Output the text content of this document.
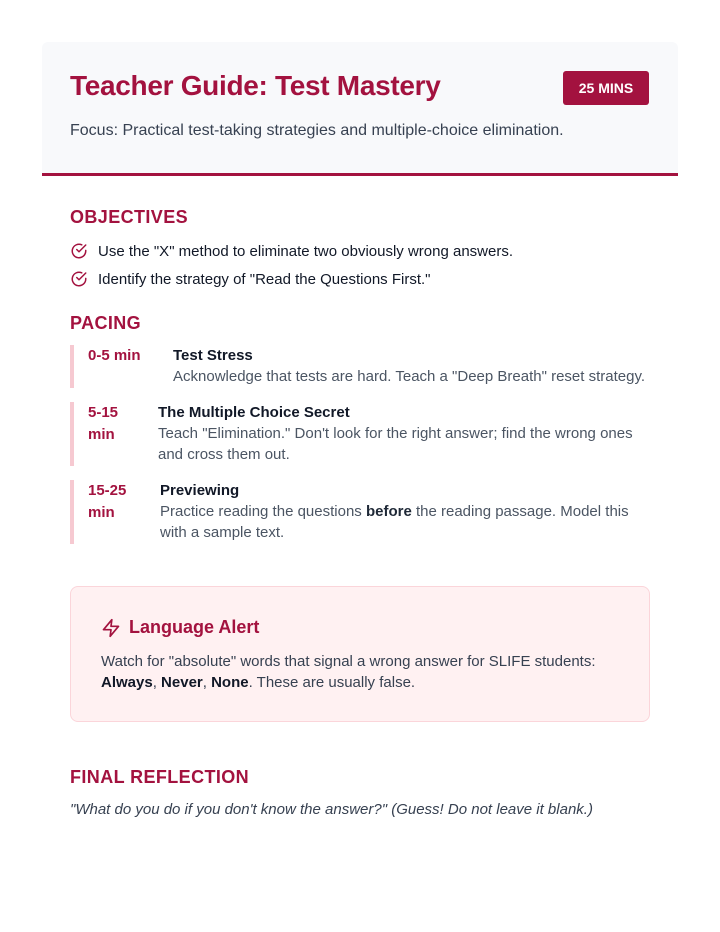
Teacher Guide: Test Mastery	25 MINS
Focus: Practical test-taking strategies and multiple-choice elimination.
OBJECTIVES
Use the "X" method to eliminate two obviously wrong answers.
Identify the strategy of "Read the Questions First."
PACING
0-5 min	Test Stress
Acknowledge that tests are hard. Teach a "Deep Breath" reset strategy.
5-15
min
The Multiple Choice Secret
Teach "Elimination." Don't look for the right answer; find the wrong ones
and cross them out.
15-25
min
Previewing
Practice reading the questions before the reading passage. Model this
with a sample text.
Language Alert
Watch for "absolute" words that signal a wrong answer for SLIFE students:
Always, Never, None. These are usually false.
FINAL REFLECTION
"What do you do if you don't know the answer?" (Guess! Do not leave it blank.)
